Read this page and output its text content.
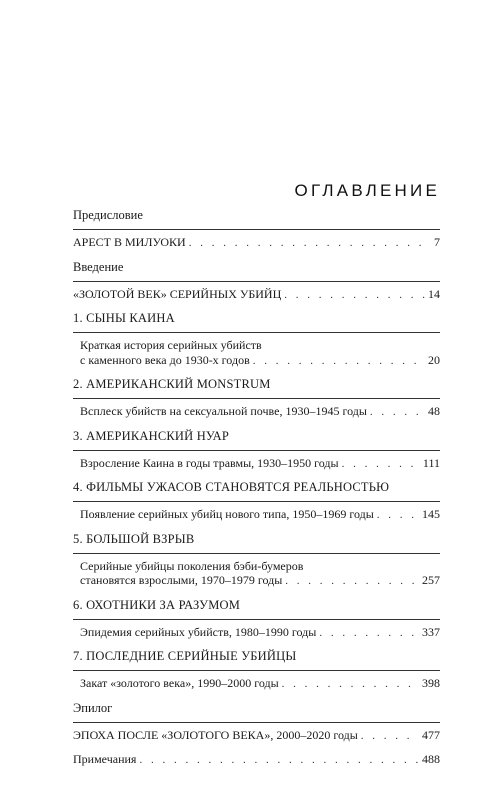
ОГЛАВЛЕНИЕ
Предисловие
АРЕСТ В МИЛУОКИ . . .	7
Введение
«ЗОЛОТОЙ ВЕК» СЕРИЙНЫХ УБИЙЦ . . .	14
1. СЫНЫ КАИНА
Краткая история серийных убийств
с каменного века до 1930-х годов . . .	20
2. АМЕРИКАНСКИЙ MONSTRUM
Всплеск убийств на сексуальной почве, 1930–1945 годы . . .	48
3. АМЕРИКАНСКИЙ НУАР
Взросление Каина в годы травмы, 1930–1950 годы . . .	111
4. ФИЛЬМЫ УЖАСОВ СТАНОВЯТСЯ РЕАЛЬНОСТЬЮ
Появление серийных убийц нового типа, 1950–1969 годы . . .	145
5. БОЛЬШОЙ ВЗРЫВ
Серийные убийцы поколения бэби-бумеров
становятся взрослыми, 1970–1979 годы . . .	257
6. ОХОТНИКИ ЗА РАЗУМОМ
Эпидемия серийных убийств, 1980–1990 годы . . .	337
7. ПОСЛЕДНИЕ СЕРИЙНЫЕ УБИЙЦЫ
Закат «золотого века», 1990–2000 годы . . .	398
Эпилог
ЭПОХА ПОСЛЕ «ЗОЛОТОГО ВЕКА», 2000–2020 годы . . .	477
Примечания . . .	488
